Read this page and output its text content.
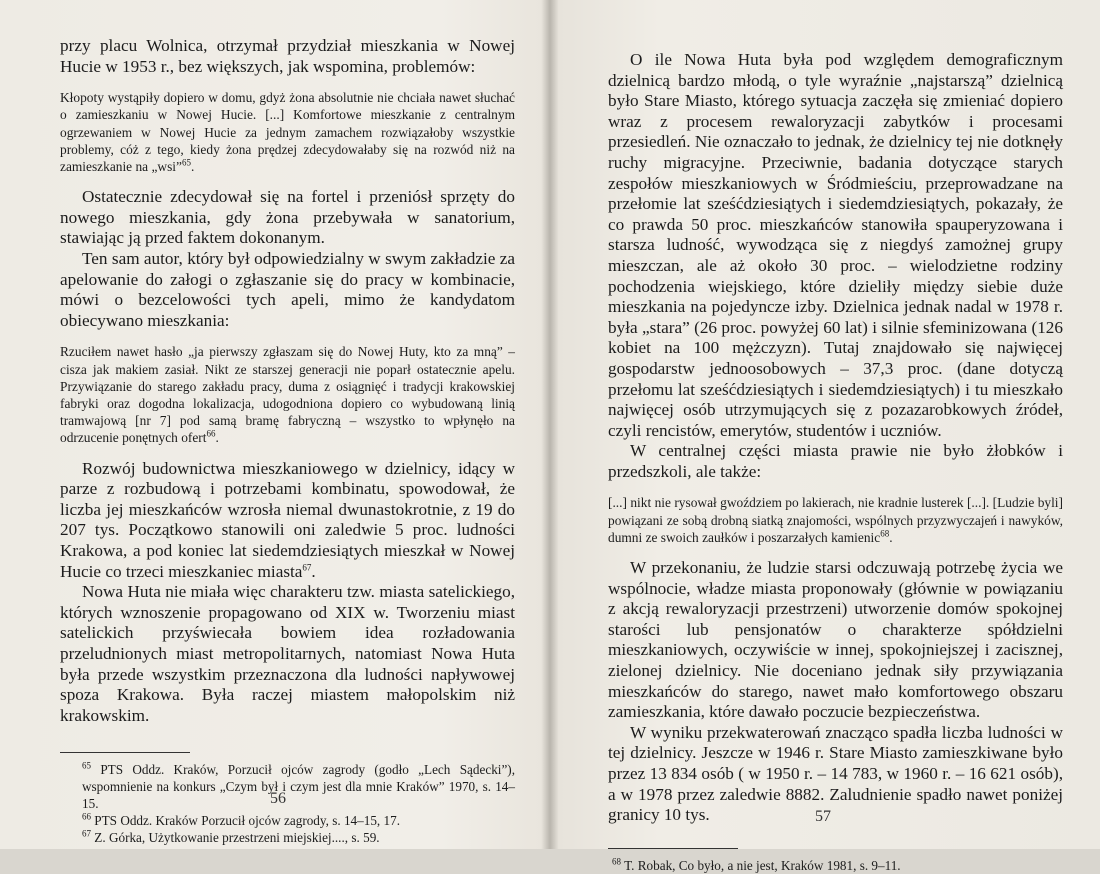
przy placu Wolnica, otrzymał przydział mieszkania w Nowej Hucie w 1953 r., bez większych, jak wspomina, problemów:

Kłopoty wystąpiły dopiero w domu, gdyż żona absolutnie nie chciała nawet słuchać o zamieszkaniu w Nowej Hucie. [...] Komfortowe mieszkanie z centralnym ogrzewaniem w Nowej Hucie za jednym zamachem rozwiązałoby wszystkie problemy, cóż z tego, kiedy żona prędzej zdecydowałaby się na rozwód niż na zamieszkanie na „wsi”$^{65}$.

Ostatecznie zdecydował się na fortel i przeniósł sprzęty do nowego mieszkania, gdy żona przebywała w sanatorium, stawiając ją przed faktem dokonanym.

Ten sam autor, który był odpowiedzialny w swym zakładzie za apelowanie do załogi o zgłaszanie się do pracy w kombinacie, mówi o bezcelowości tych apeli, mimo że kandydatom obiecywano mieszkania:

Rzuciłem nawet hasło „ja pierwszy zgłaszam się do Nowej Huty, kto za mną” – cisza jak makiem zasiał. Nikt ze starszej generacji nie poparł ostatecznie apelu. Przywiązanie do starego zakładu pracy, duma z osiągnięć i tradycji krakowskiej fabryki oraz dogodna lokalizacja, udogodniona dopiero co wybudowaną linią tramwajową [nr 7] pod samą bramę fabryczną – wszystko to wpłynęło na odrzucenie ponętnych ofert$^{66}$.

Rozwój budownictwa mieszkaniowego w dzielnicy, idący w parze z rozbudową i potrzebami kombinatu, spowodował, że liczba jej mieszkańców wzrosła niemal dwunastokrotnie, z 19 do 207 tys. Początkowo stanowili oni zaledwie 5 proc. ludności Krakowa, a pod koniec lat siedemdziesiątych mieszkał w Nowej Hucie co trzeci mieszkaniec miasta$^{67}$.

Nowa Huta nie miała więc charakteru tzw. miasta satelickiego, których wznoszenie propagowano od XIX w. Tworzeniu miast satelickich przyświecała bowiem idea rozładowania przeludnionych miast metropolitarnych, natomiast Nowa Huta była przede wszystkim przeznaczona dla ludności napływowej spoza Krakowa. Była raczej miastem małopolskim niż krakowskim.

$^{65}$ PTS Oddz. Kraków, Porzucił ojców zagrody (godło „Lech Sądecki”), wspomnienie na konkurs „Czym był i czym jest dla mnie Kraków” 1970, s. 14–15.

$^{66}$ PTS Oddz. Kraków Porzucił ojców zagrody, s. 14–15, 17.

$^{67}$ Z. Górka, Użytkowanie przestrzeni miejskiej...., s. 59.

56

O ile Nowa Huta była pod względem demograficznym dzielnicą bardzo młodą, o tyle wyraźnie „najstarszą” dzielnicą było Stare Miasto, którego sytuacja zaczęła się zmieniać dopiero wraz z procesem rewaloryzacji zabytków i procesami przesiedleń. Nie oznaczało to jednak, że dzielnicy tej nie dotknęły ruchy migracyjne. Przeciwnie, badania dotyczące starych zespołów mieszkaniowych w Śródmieściu, przeprowadzane na przełomie lat sześćdziesiątych i siedemdziesiątych, pokazały, że co prawda 50 proc. mieszkańców stanowiła spauperyzowana i starsza ludność, wywodząca się z niegdyś zamożnej grupy mieszczan, ale aż około 30 proc. – wielodzietne rodziny pochodzenia wiejskiego, które dzieliły między siebie duże mieszkania na pojedyncze izby. Dzielnica jednak nadal w 1978 r. była „stara” (26 proc. powyżej 60 lat) i silnie sfeminizowana (126 kobiet na 100 mężczyzn). Tutaj znajdowało się najwięcej gospodarstw jednoosobowych – 37,3 proc. (dane dotyczą przełomu lat sześćdziesiątych i siedemdziesiątych) i tu mieszkało najwięcej osób utrzymujących się z pozazarobkowych źródeł, czyli rencistów, emerytów, studentów i uczniów.

W centralnej części miasta prawie nie było żłobków i przedszkoli, ale także:

[...] nikt nie rysował gwoździem po lakierach, nie kradnie lusterek [...]. [Ludzie byli] powiązani ze sobą drobną siatką znajomości, wspólnych przyzwyczajeń i nawyków, dumni ze swoich zaułków i poszarzałych kamienic$^{68}$.

W przekonaniu, że ludzie starsi odczuwają potrzebę życia we wspólnocie, władze miasta proponowały (głównie w powiązaniu z akcją rewaloryzacji przestrzeni) utworzenie domów spokojnej starości lub pensjonatów o charakterze spółdzielni mieszkaniowych, oczywiście w innej, spokojniejszej i zacisznej, zielonej dzielnicy. Nie doceniano jednak siły przywiązania mieszkańców do starego, nawet mało komfortowego obszaru zamieszkania, które dawało poczucie bezpieczeństwa.

W wyniku przekwaterowań znacząco spadła liczba ludności w tej dzielnicy. Jeszcze w 1946 r. Stare Miasto zamieszkiwane było przez 13 834 osób ( w 1950 r. – 14 783, w 1960 r. – 16 621 osób), a w 1978 przez zaledwie 8882. Zaludnienie spadło nawet poniżej granicy 10 tys.

$^{68}$ T. Robak, Co było, a nie jest, Kraków 1981, s. 9–11.

57
